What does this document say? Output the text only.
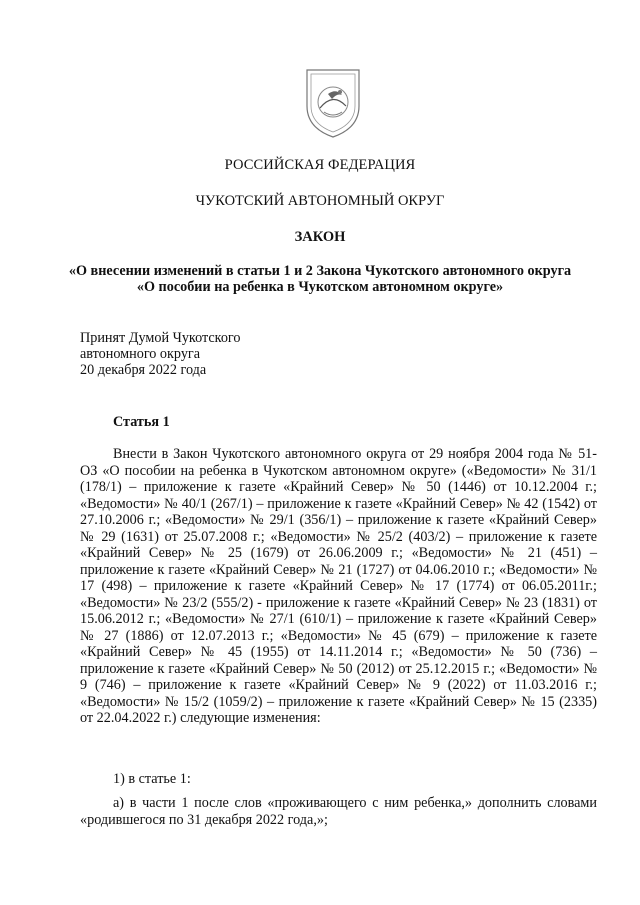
РОССИЙСКАЯ ФЕДЕРАЦИЯ
ЧУКОТСКИЙ АВТОНОМНЫЙ ОКРУГ
ЗАКОН
«О внесении изменений в статьи 1 и 2 Закона Чукотского автономного округа «О пособии на ребенка в Чукотском автономном округе»
Принят Думой Чукотского
автономного округа
20 декабря 2022 года
Статья 1

Внести в Закон Чукотского автономного округа от 29 ноября 2004 года № 51-ОЗ «О пособии на ребенка в Чукотском автономном округе» («Ведомости» № 31/1 (178/1) – приложение к газете «Крайний Север» № 50 (1446) от 10.12.2004 г.; «Ведомости» № 40/1 (267/1) – приложение к газете «Крайний Север» № 42 (1542) от 27.10.2006 г.; «Ведомости» № 29/1 (356/1) – приложение к газете «Крайний Север» № 29 (1631) от 25.07.2008 г.; «Ведомости» № 25/2 (403/2) – приложение к газете «Крайний Север» № 25 (1679) от 26.06.2009 г.; «Ведомости» № 21 (451) – приложение к газете «Крайний Север» № 21 (1727) от 04.06.2010 г.; «Ведомости» № 17 (498) – приложение к газете «Крайний Север» № 17 (1774) от 06.05.2011г.; «Ведомости» № 23/2 (555/2) - приложение к газете «Крайний Север» № 23 (1831) от 15.06.2012 г.; «Ведомости» № 27/1 (610/1) – приложение к газете «Крайний Север» № 27 (1886) от 12.07.2013 г.; «Ведомости» № 45 (679) – приложение к газете «Крайний Север» № 45 (1955) от 14.11.2014 г.; «Ведомости» № 50 (736) – приложение к газете «Крайний Север» № 50 (2012) от 25.12.2015 г.; «Ведомости» № 9 (746) – приложение к газете «Крайний Север» № 9 (2022) от 11.03.2016 г.; «Ведомости» № 15/2 (1059/2) – приложение к газете «Крайний Север» № 15 (2335) от 22.04.2022 г.) следующие изменения:

1) в статье 1:

а) в части 1 после слов «проживающего с ним ребенка,» дополнить словами «родившегося по 31 декабря 2022 года,»;
